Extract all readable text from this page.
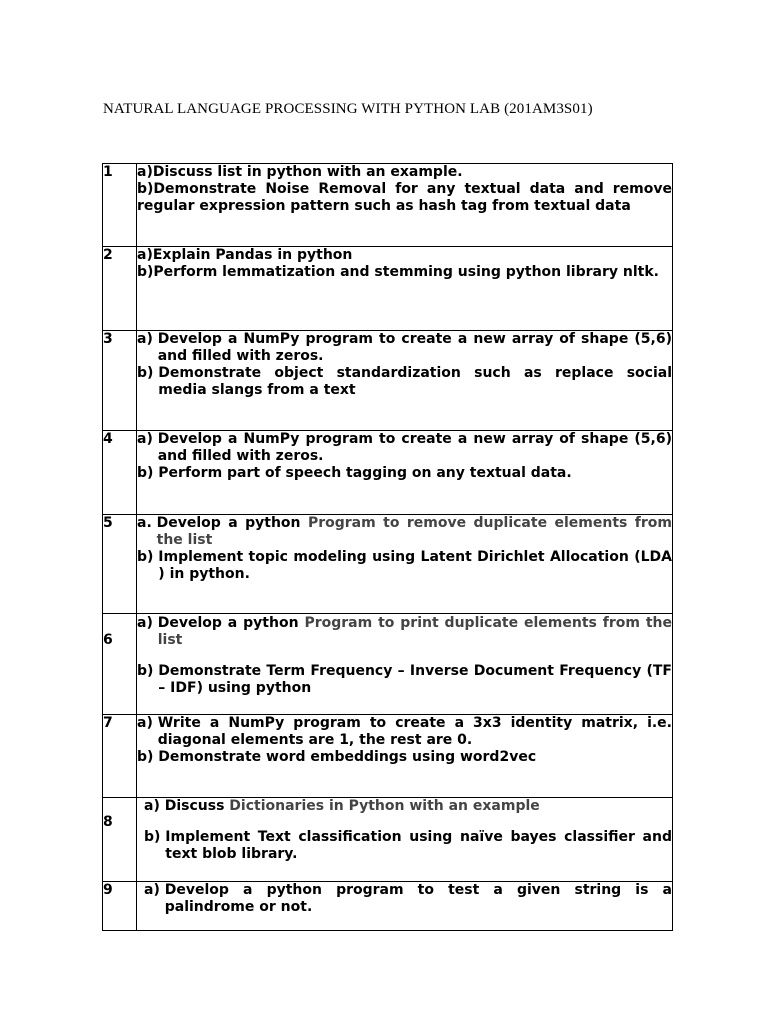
NATURAL LANGUAGE PROCESSING WITH PYTHON LAB (201AM3S01)
1	a) Discuss list in python with an example.
b)Demonstrate Noise Removal for any textual data and remove regular expression pattern such as hash tag from textual data

2	a) Explain Pandas in python
b)Perform lemmatization and stemming using python library nltk.

3	a) Develop a NumPy program to create a new array of shape (5,6) and filled with zeros.
b) Demonstrate object standardization such as replace social media slangs from a text

4	a) Develop a NumPy program to create a new array of shape (5,6) and filled with zeros.
b) Perform part of speech tagging on any textual data.

5	a. Develop a python Program to remove duplicate elements from the list
b) Implement topic modeling using Latent Dirichlet Allocation (LDA ) in python.

6	a) Develop a python Program to print duplicate elements from the list
b) Demonstrate Term Frequency – Inverse Document Frequency (TF – IDF) using python

7	a) Write a NumPy program to create a 3x3 identity matrix, i.e. diagonal elements are 1, the rest are 0.
b) Demonstrate word embeddings using word2vec

8	a) Discuss Dictionaries in Python with an example
b) Implement Text classification using naïve bayes classifier and text blob library.

9	a) Develop a python program to test a given string is a palindrome or not.
